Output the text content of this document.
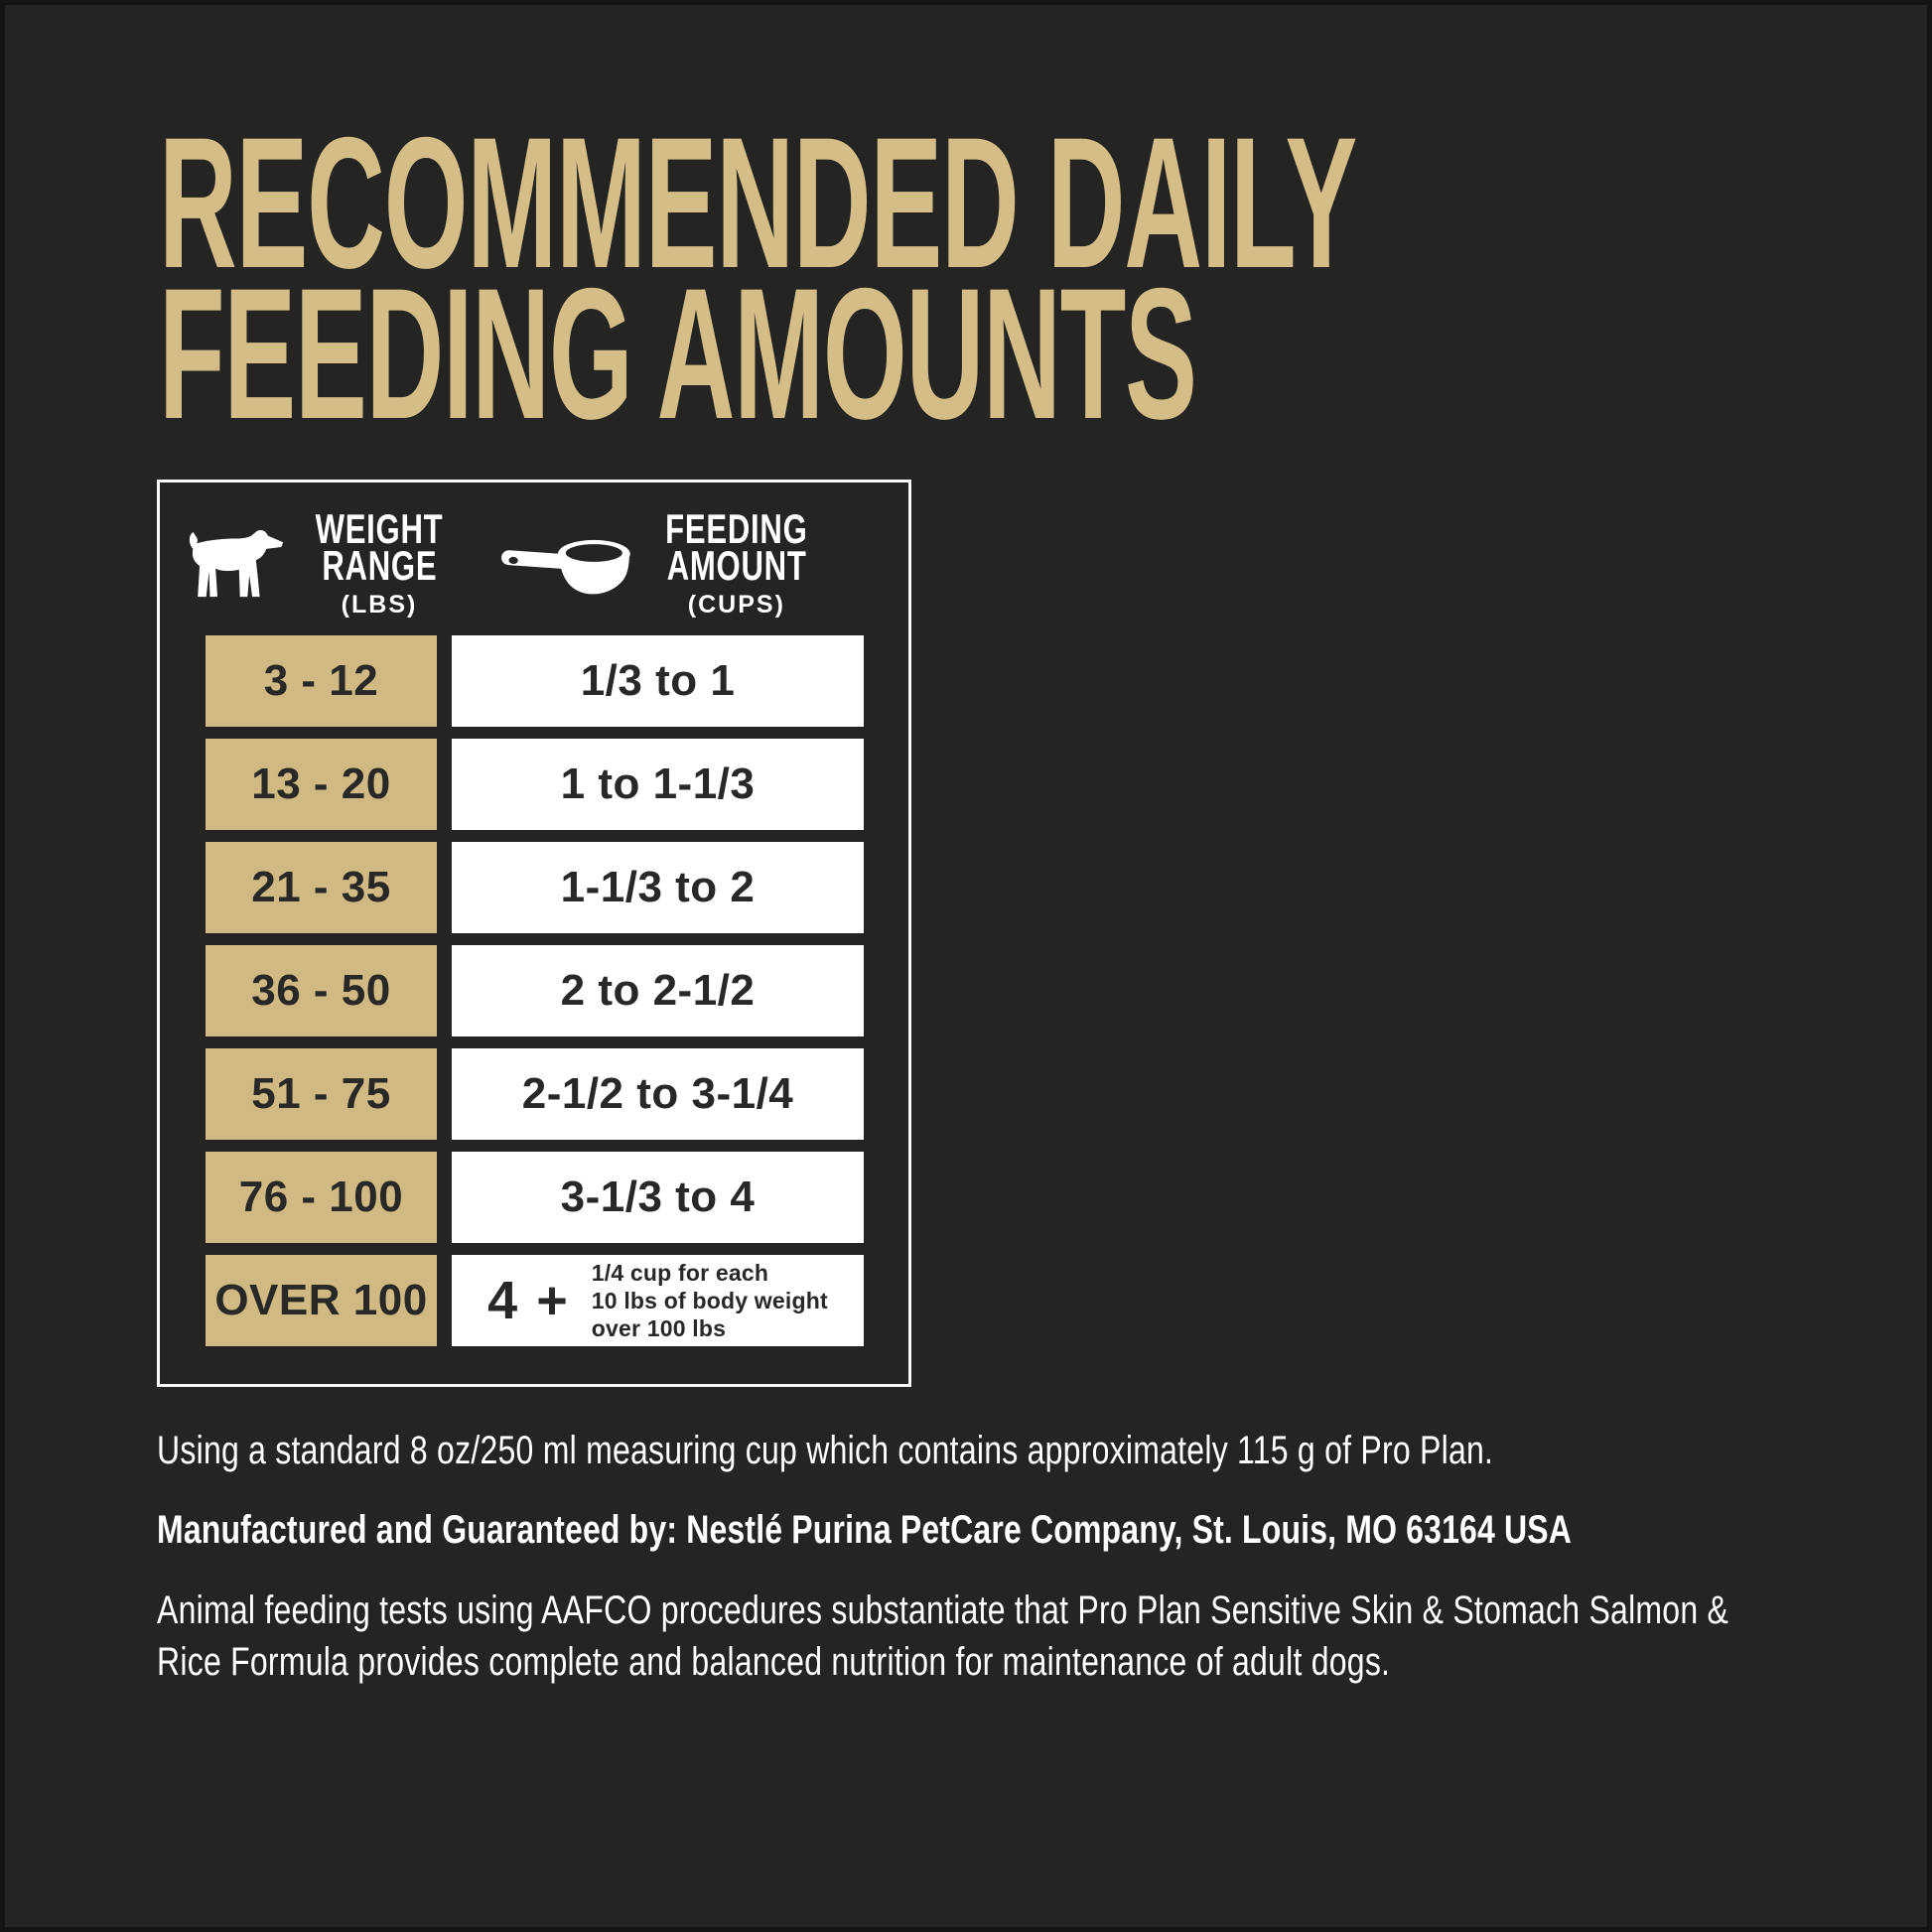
RECOMMENDED DAILY
FEEDING AMOUNTS
WEIGHT
RANGE
(LBS)
FEEDING
AMOUNT
(CUPS)
3 - 12	1/3 to 1
13 - 20	1 to 1-1/3
21 - 35	1-1/3 to 2
36 - 50	2 to 2-1/2
51 - 75	2-1/2 to 3-1/4
76 - 100	3-1/3 to 4
OVER 100 4 + 1/4 cup for each
10 lbs of body weight
over 100 lbs

Using a standard 8 oz/250 ml measuring cup which contains approximately 115 g of Pro Plan.

Manufactured and Guaranteed by: Nestlé Purina PetCare Company, St. Louis, MO 63164 USA

Animal feeding tests using AAFCO procedures substantiate that Pro Plan Sensitive Skin & Stomach Salmon & Rice Formula provides complete and balanced nutrition for maintenance of adult dogs.
